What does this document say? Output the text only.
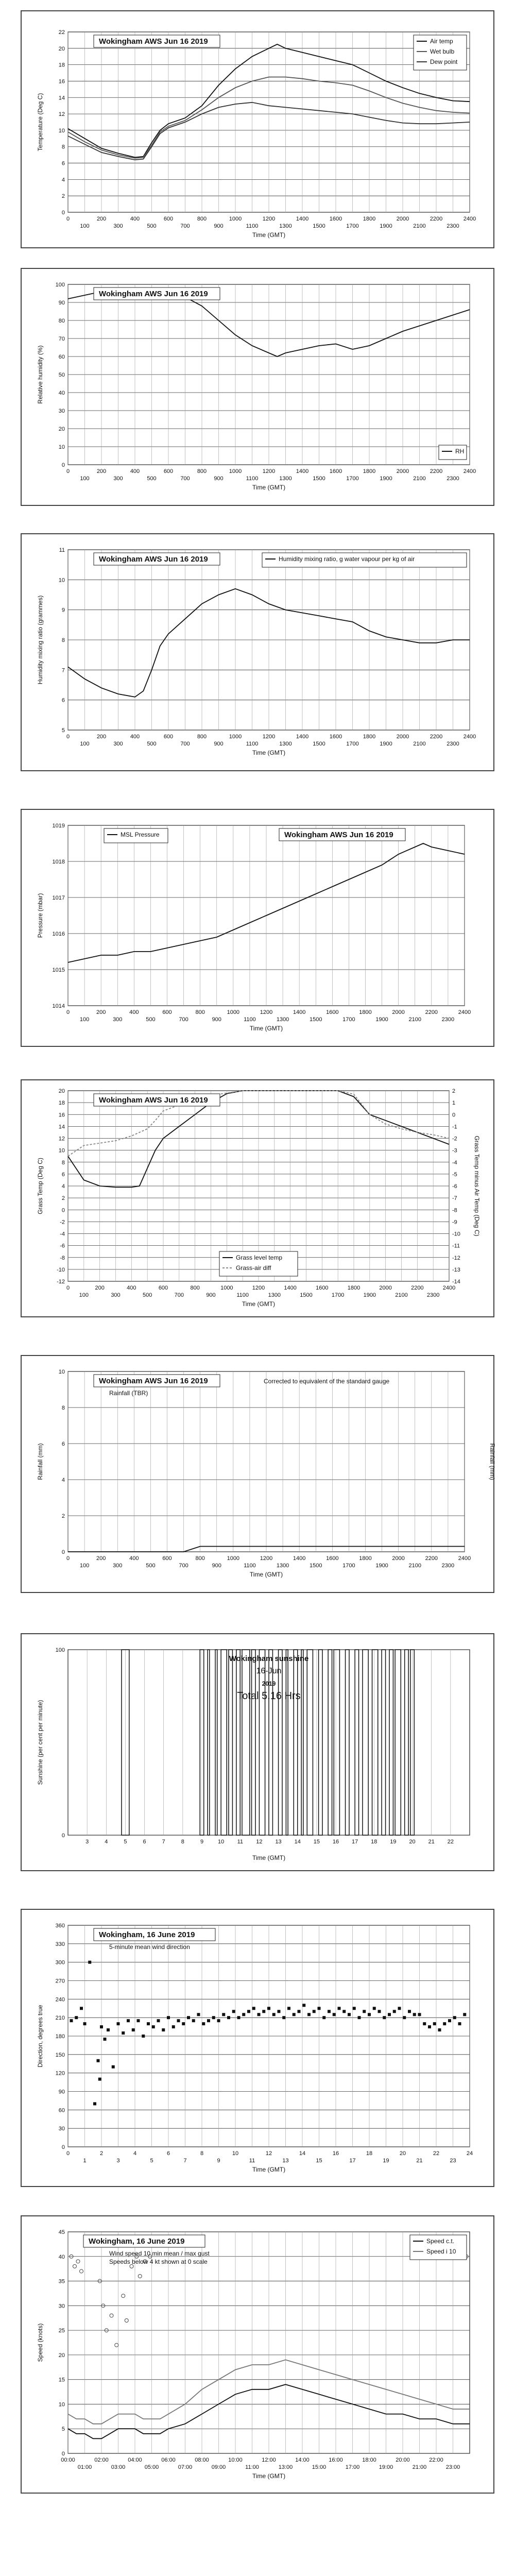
0
2
4
6
8
10
12
14
16
18
20
22
0
100
200
300
400
500
600
700
800
900
1000
1100
1200
1300
1400
1500
1600
1700
1800
1900
2000
2100
2200
2300
2400
Time (GMT)
Temperature (Deg C)
Wokingham AWS Jun 16 2019	Air temp
Wet bulb
Dew point
0
10
20
30
40
50
60
70
80
90
100
0
100
200
300
400
500
600
700
800
900
1000
1100
1200
1300
1400
1500
1600
1700
1800
1900
2000
2100
2200
2300
2400
Time (GMT)
Relative humidity (%)
Wokingham AWS Jun 16 2019
RH
5
6
7
8
9
10
11
0
100
200
300
400
500
600
700
800
900
1000
1100
1200
1300
1400
1500
1600
1700
1800
1900
2000
2100
2200
2300
2400
Time (GMT)
Humidity mixing ratio (grammes)
Wokingham AWS Jun 16 2019	Humidity mixing ratio, g water vapour per kg of air
1014
1015
1016
1017
1018
1019
0
100
200
300
400
500
600
700
800
900
1000
1100
1200
1300
1400
1500
1600
1700
1800
1900
2000
2100
2200
2300
2400
Time (GMT)
Pressure (mbar)
Wokingham AWS Jun 16 2019
MSL Pressure
-12
-10
-8
-6
-4
-2
0
2
4
6
8
10
12
14
16
18
20
-14
-13
-12
-11
-10
-9
-8
-7
-6
-5
-4
-3
-2
-1
0
1
2
0
100
200
300
400
500
600
700
800
900
1000
1100
1200
1300
1400
1500
1600
1700
1800
1900
2000
2100
2200
2300
2400
Time (GMT)
Grass Temp (Deg C)	Grass Temp minus Air Temp (Deg C)
Wokingham AWS Jun 16 2019
Grass level temp
Grass-air diff
0
2
4
6
8
10
0
100
200
300
400
500
600
700
800
900
1000
1100
1200
1300
1400
1500
1600
1700
1800
1900
2000
2100
2200
2300
2400
Time (GMT)
Rainfall (mm)	Rainfall (mm)
Wokingham AWS Jun 16 2019
Rainfall (TBR)
Corrected to equivalent of the standard gauge
0
100
3	4	5	6	7	8	9	10 11 12 13 14 15 16 17 18 19 20 21 22
Time (GMT)
Sunshine (per cent per minute)
Wokingham sunshine
16-Jun
2019
Total 5.16 Hrs
0
30
60
90
120
150
180
210
240
270
300
330
360
0
1
2
3
4
5
6
7
8
9
10
11
12
13
14
15
16
17
18
19
20
21
22
23
24
Time (GMT)
Direction, degrees true
Wokingham, 16 June 2019
5-minute mean wind direction
0
5
10
15
20
25
30
35
40
45
00:00
01:00
02:00
03:00
04:00
05:00
06:00
07:00
08:00
09:00
10:00
11:00
12:00
13:00
14:00
15:00
16:00
17:00
18:00
19:00
20:00
21:00
22:00
23:00
Time (GMT)
Speed (knots)
Wokingham, 16 June 2019
Wind speed 10 min mean / max gust
Speeds below 4 kt shown at 0 scale
Speed c.t.
Speed i 10
